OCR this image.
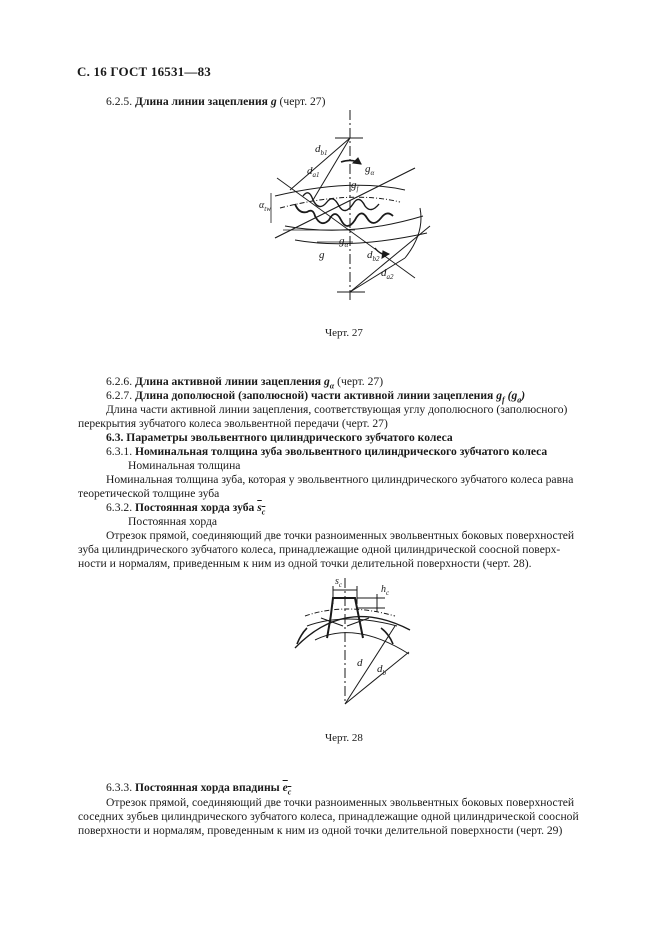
С. 16 ГОСТ 16531—83
6.2.5. Длина линии зацепления g (черт. 27)
$d_{b1}$
$d_{a1}$	$g_\alpha$
$g_f$
$\alpha_{tw}$
$g_\alpha$
g	$d_{b2}$
$d_{a2}$
Черт. 27
6.2.6. Длина активной линии зацепления $g_\alpha$ (черт. 27)
6.2.7. Длина дополюсной (заполюсной) части активной линии зацепления $g_f$ $(g_a)$
Длина части активной линии зацепления, соответствующая углу дополюсного (заполюсного)
перекрытия зубчатого колеса эвольвентной передачи (черт. 27)
6.3. Параметры эвольвентного цилиндрического зубчатого колеса
6.3.1. Номинальная толщина зуба эвольвентного цилиндрического зубчатого колеса
Номинальная толщина
Номинальная толщина зуба, которая у эвольвентного цилиндрического зубчатого колеса равна
теоретической толщине зуба
6.3.2. Постоянная хорда зуба $s_c$
Постоянная хорда
Отрезок прямой, соединяющий две точки разноименных эвольвентных боковых поверхностей
зуба цилиндрического зубчатого колеса, принадлежащие одной цилиндрической соосной поверх-
ности и нормалям, приведенным к ним из одной точки делительной поверхности (черт. 28).
$s_c$	$h_c$
d $d_b$
Черт. 28
6.3.3. Постоянная хорда впадины $e_c$
Отрезок прямой, соединяющий две точки разноименных эвольвентных боковых поверхностей
соседних зубьев цилиндрического зубчатого колеса, принадлежащие одной цилиндрической соосной
поверхности и нормалям, проведенным к ним из одной точки делительной поверхности (черт. 29)
